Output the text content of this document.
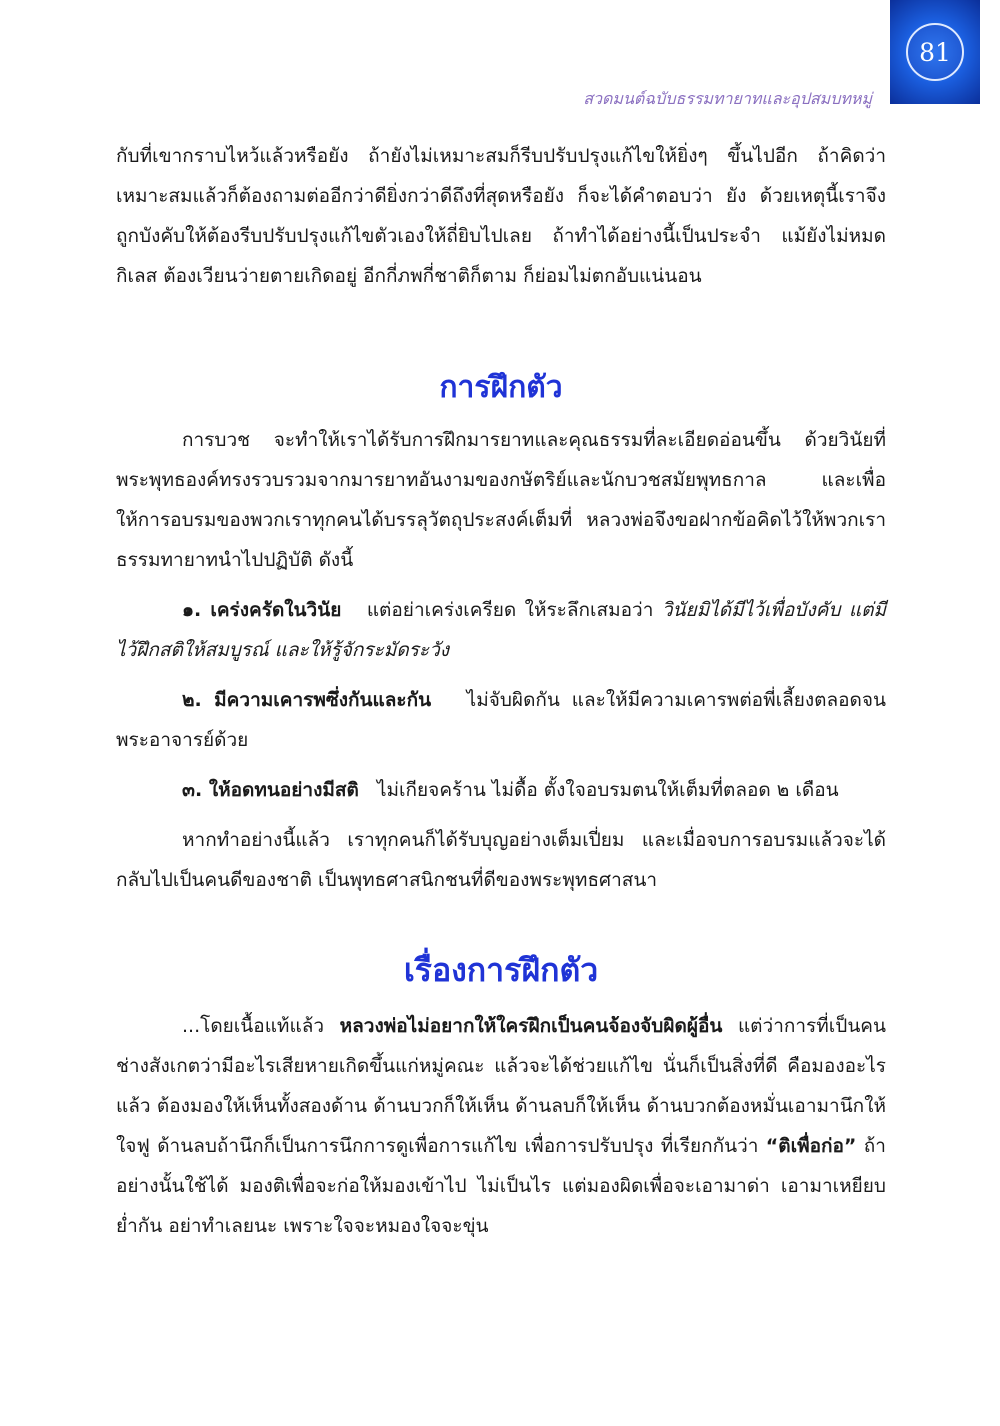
81
สวดมนต์ฉบับธรรมทายาทและอุปสมบทหมู่

กับที่เขากราบไหว้แล้วหรือยัง ถ้ายังไม่เหมาะสมก็รีบปรับปรุงแก้ไขให้ยิ่งๆ ขึ้นไปอีก ถ้าคิดว่าเหมาะสมแล้วก็ต้องถามต่ออีกว่าดียิ่งกว่าดีถึงที่สุดหรือยัง ก็จะได้คำตอบว่า ยัง ด้วยเหตุนี้เราจึงถูกบังคับให้ต้องรีบปรับปรุงแก้ไขตัวเองให้ถี่ยิบไปเลย ถ้าทำได้อย่างนี้เป็นประจำ แม้ยังไม่หมดกิเลส ต้องเวียนว่ายตายเกิดอยู่ อีกกี่ภพกี่ชาติก็ตาม ก็ย่อมไม่ตกอับแน่นอน

การฝึกตัว

การบวช จะทำให้เราได้รับการฝึกมารยาทและคุณธรรมที่ละเอียดอ่อนขึ้น ด้วยวินัยที่พระพุทธองค์ทรงรวบรวมจากมารยาทอันงามของกษัตริย์และนักบวชสมัยพุทธกาล และเพื่อให้การอบรมของพวกเราทุกคนได้บรรลุวัตถุประสงค์เต็มที่ หลวงพ่อจึงขอฝากข้อคิดไว้ให้พวกเราธรรมทายาทนำไปปฏิบัติ ดังนี้

๑. เคร่งครัดในวินัย แต่อย่าเคร่งเครียด ให้ระลึกเสมอว่า วินัยมิได้มีไว้เพื่อบังคับ แต่มีไว้ฝึกสติให้สมบูรณ์ และให้รู้จักระมัดระวัง

๒. มีความเคารพซึ่งกันและกัน ไม่จับผิดกัน และให้มีความเคารพต่อพี่เลี้ยงตลอดจนพระอาจารย์ด้วย

๓. ให้อดทนอย่างมีสติ ไม่เกียจคร้าน ไม่ดื้อ ตั้งใจอบรมตนให้เต็มที่ตลอด ๒ เดือน

หากทำอย่างนี้แล้ว เราทุกคนก็ได้รับบุญอย่างเต็มเปี่ยม และเมื่อจบการอบรมแล้วจะได้กลับไปเป็นคนดีของชาติ เป็นพุทธศาสนิกชนที่ดีของพระพุทธศาสนา

เรื่องการฝึกตัว

...โดยเนื้อแท้แล้ว หลวงพ่อไม่อยากให้ใครฝึกเป็นคนจ้องจับผิดผู้อื่น แต่ว่าการที่เป็นคนช่างสังเกตว่ามีอะไรเสียหายเกิดขึ้นแก่หมู่คณะ แล้วจะได้ช่วยแก้ไข นั่นก็เป็นสิ่งที่ดี คือมองอะไรแล้ว ต้องมองให้เห็นทั้งสองด้าน ด้านบวกก็ให้เห็น ด้านลบก็ให้เห็น ด้านบวกต้องหมั่นเอามานึกให้ใจฟู ด้านลบถ้านึกก็เป็นการนึกการดูเพื่อการแก้ไข เพื่อการปรับปรุง ที่เรียกกันว่า “ติเพื่อก่อ” ถ้าอย่างนั้นใช้ได้ มองติเพื่อจะก่อให้มองเข้าไป ไม่เป็นไร แต่มองผิดเพื่อจะเอามาด่า เอามาเหยียบย่ำกัน อย่าทำเลยนะ เพราะใจจะหมองใจจะขุ่น
